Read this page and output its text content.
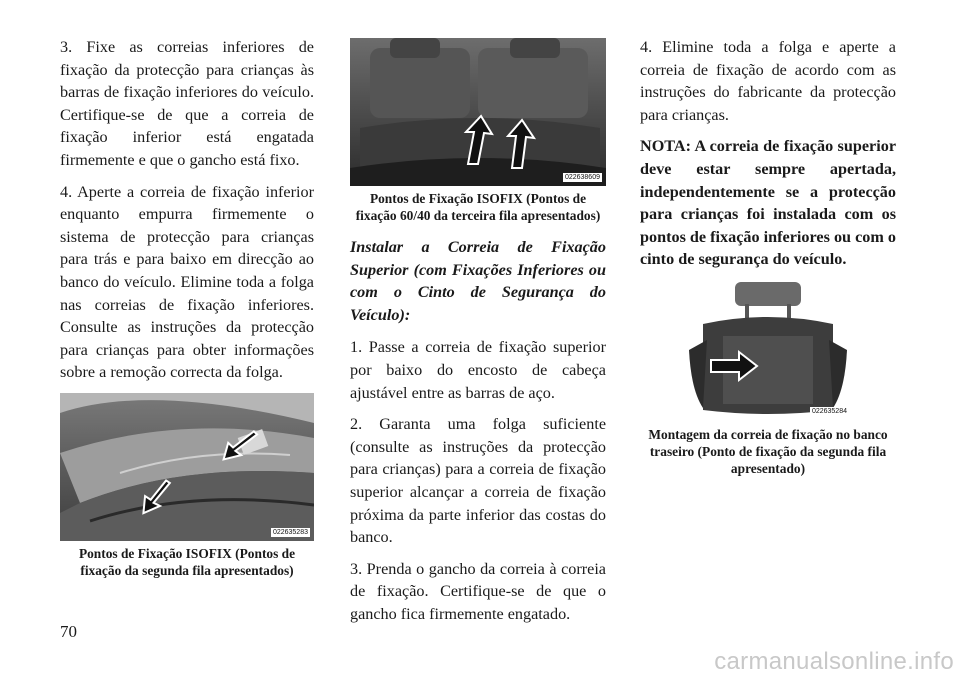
3. Fixe as correias inferiores de fixação da protecção para crianças às barras de fixação inferiores do veículo. Certifique-se de que a correia de fixação inferior está engatada firmemente e que o gancho está fixo.

4. Aperte a correia de fixação inferior enquanto empurra firmemente o sistema de protecção para crianças para trás e para baixo em direcção ao banco do veículo. Elimine toda a folga nas correias de fixação inferiores. Consulte as instruções da protecção para crianças para obter informações sobre a remoção correcta da folga.

022635283

Pontos de Fixação ISOFIX (Pontos de fixação da segunda fila apresentados)

022638609

Pontos de Fixação ISOFIX (Pontos de fixação 60/40 da terceira fila apresentados)

Instalar a Correia de Fixação Superior (com Fixações Inferiores ou com o Cinto de Segurança do Veículo):

1. Passe a correia de fixação superior por baixo do encosto de cabeça ajustável entre as barras de aço.

2. Garanta uma folga suficiente (consulte as instruções da protecção para crianças) para a correia de fixação superior alcançar a correia de fixação próxima da parte inferior das costas do banco.

3. Prenda o gancho da correia à correia de fixação. Certifique-se de que o gancho fica firmemente engatado.

4. Elimine toda a folga e aperte a correia de fixação de acordo com as instruções do fabricante da protecção para crianças.

NOTA: A correia de fixação superior deve estar sempre apertada, independentemente se a protecção para crianças foi instalada com os pontos de fixação inferiores ou com o cinto de segurança do veículo.

022635284

Montagem da correia de fixação no banco traseiro (Ponto de fixação da segunda fila apresentado)

70
carmanualsonline.info
